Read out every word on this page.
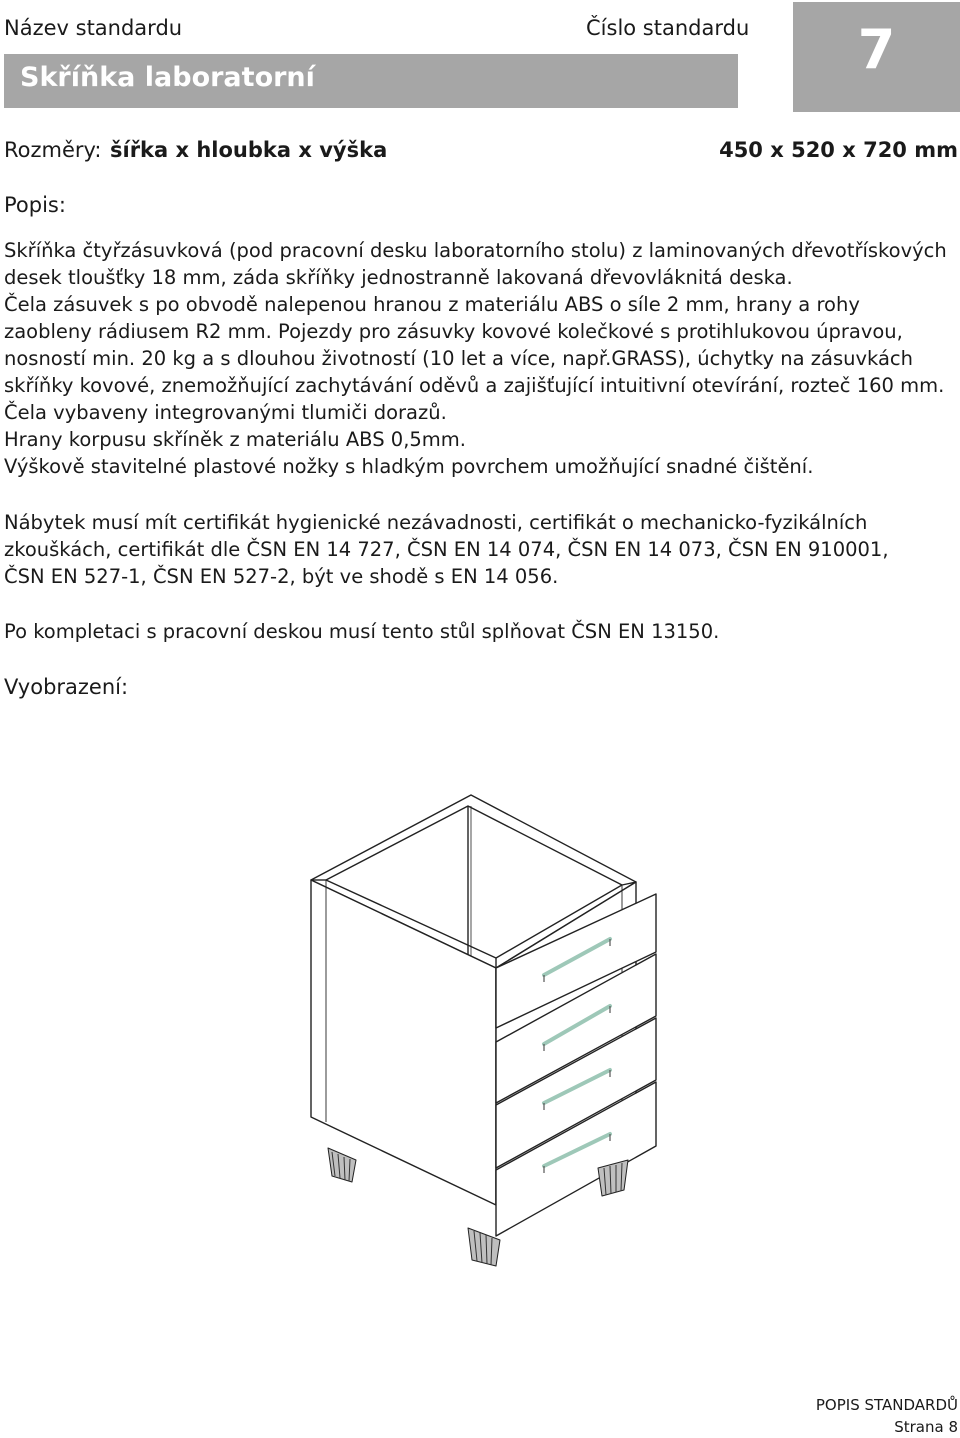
Název standardu	Číslo standardu
Skříňka laboratorní	7
Rozměry: šířka x hloubka x výška	450 x 520 x 720 mm
Popis:
Skříňka čtyřzásuvková (pod pracovní desku laboratorního stolu) z laminovaných dřevotřískových
desek tloušťky 18 mm, záda skříňky jednostranně lakovaná dřevovláknitá deska.
Čela zásuvek s po obvodě nalepenou hranou z materiálu ABS o síle 2 mm, hrany a rohy
zaobleny rádiusem R2 mm. Pojezdy pro zásuvky kovové kolečkové s protihlukovou úpravou,
nosností min. 20 kg a s dlouhou životností (10 let a více, např.GRASS), úchytky na zásuvkách
skříňky kovové, znemožňující zachytávání oděvů a zajišťující intuitivní otevírání, rozteč 160 mm.
Čela vybaveny integrovanými tlumiči dorazů.
Hrany korpusu skříněk z materiálu ABS 0,5mm.
Výškově stavitelné plastové nožky s hladkým povrchem umožňující snadné čištění.
Nábytek musí mít certifikát hygienické nezávadnosti, certifikát o mechanicko-fyzikálních
zkouškách, certifikát dle ČSN EN 14 727, ČSN EN 14 074, ČSN EN 14 073, ČSN EN 910001,
ČSN EN 527-1, ČSN EN 527-2, být ve shodě s EN 14 056.
Po kompletaci s pracovní deskou musí tento stůl splňovat ČSN EN 13150.
Vyobrazení:
POPIS STANDARDŮ
Strana 8
